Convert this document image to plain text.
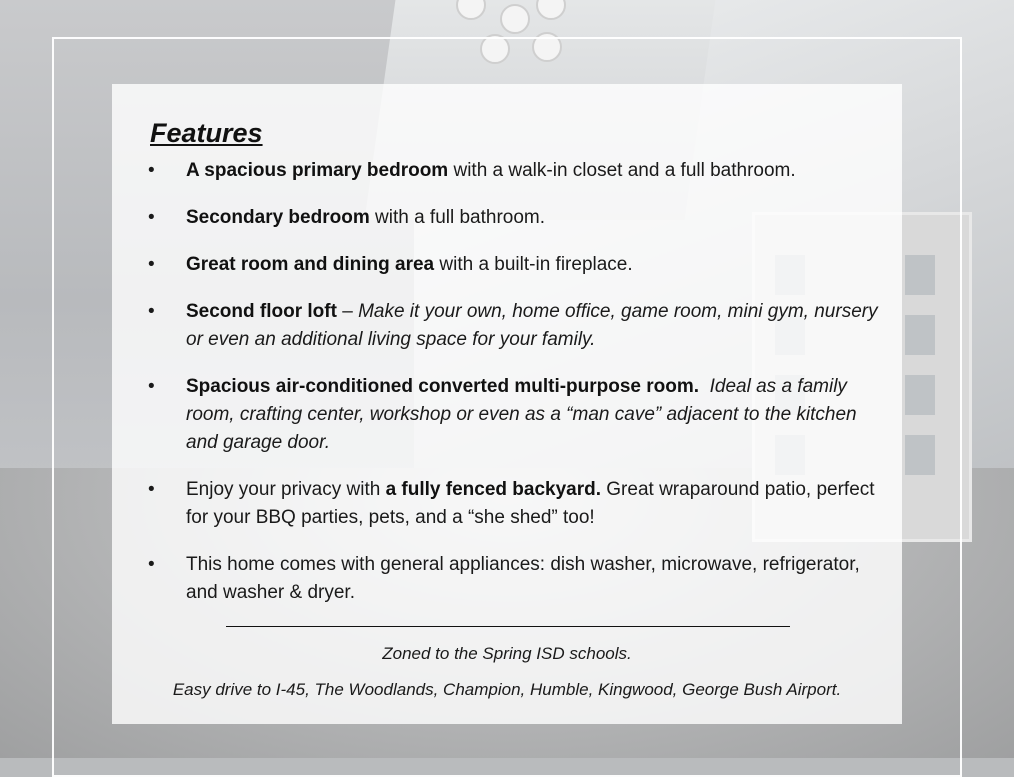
Features
• A spacious primary bedroom with a walk-in closet and a full bathroom.
• Secondary bedroom with a full bathroom.
• Great room and dining area with a built-in fireplace.
• Second floor loft – Make it your own, home office, game room, mini gym, nursery or even an additional living space for your family.
• Spacious air-conditioned converted multi-purpose room. Ideal as a family room, crafting center, workshop or even as a “man cave” adjacent to the kitchen and garage door.
• Enjoy your privacy with a fully fenced backyard. Great wraparound patio, perfect for your BBQ parties, pets, and a “she shed” too!
• This home comes with general appliances: dish washer, microwave, refrigerator, and washer & dryer.

Zoned to the Spring ISD schools.

Easy drive to I-45, The Woodlands, Champion, Humble, Kingwood, George Bush Airport.
